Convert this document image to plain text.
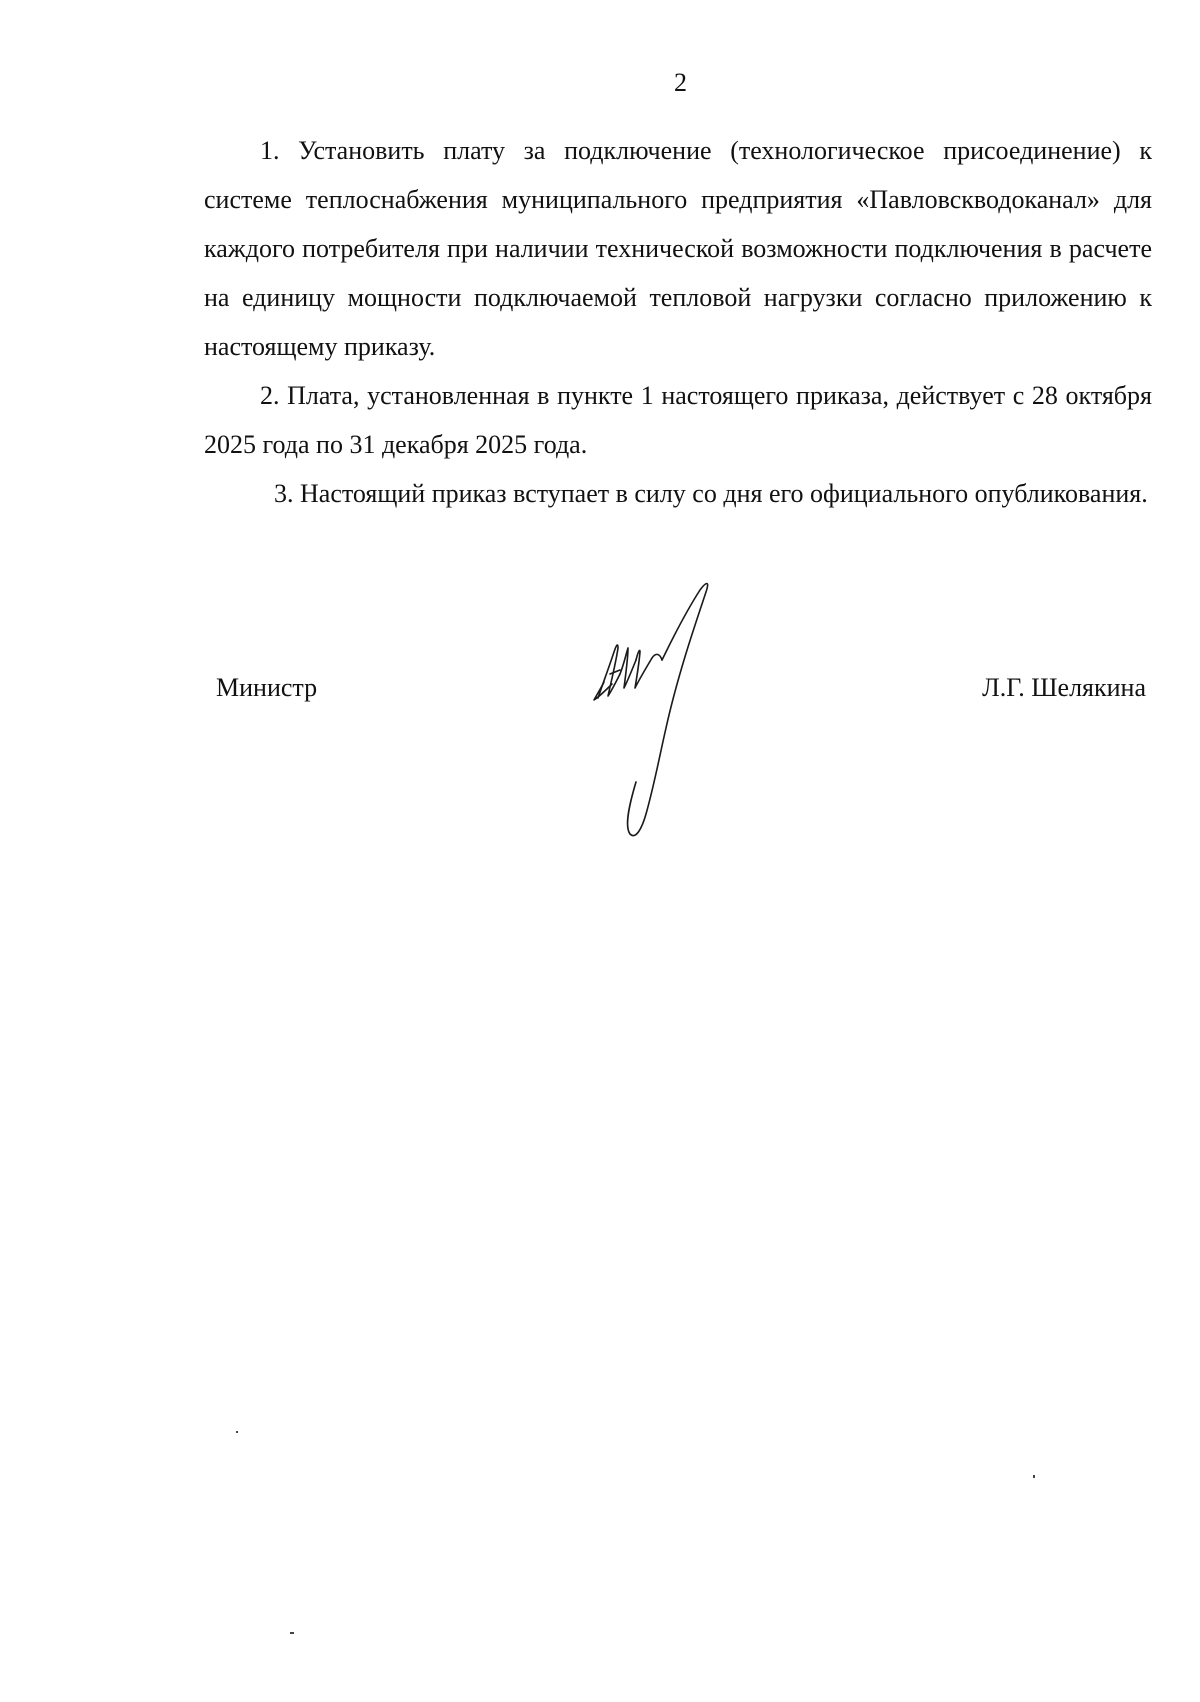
2

1. Установить плату за подключение (технологическое присоединение) к системе теплоснабжения муниципального предприятия «Павловскводоканал» для каждого потребителя при наличии технической возможности подключения в расчете на единицу мощности подключаемой тепловой нагрузки согласно приложению к настоящему приказу.

2. Плата, установленная в пункте 1 настоящего приказа, действует с 28 октября 2025 года по 31 декабря 2025 года.

3. Настоящий приказ вступает в силу со дня его официального опубликования.

Министр	Л.Г. Шелякина
